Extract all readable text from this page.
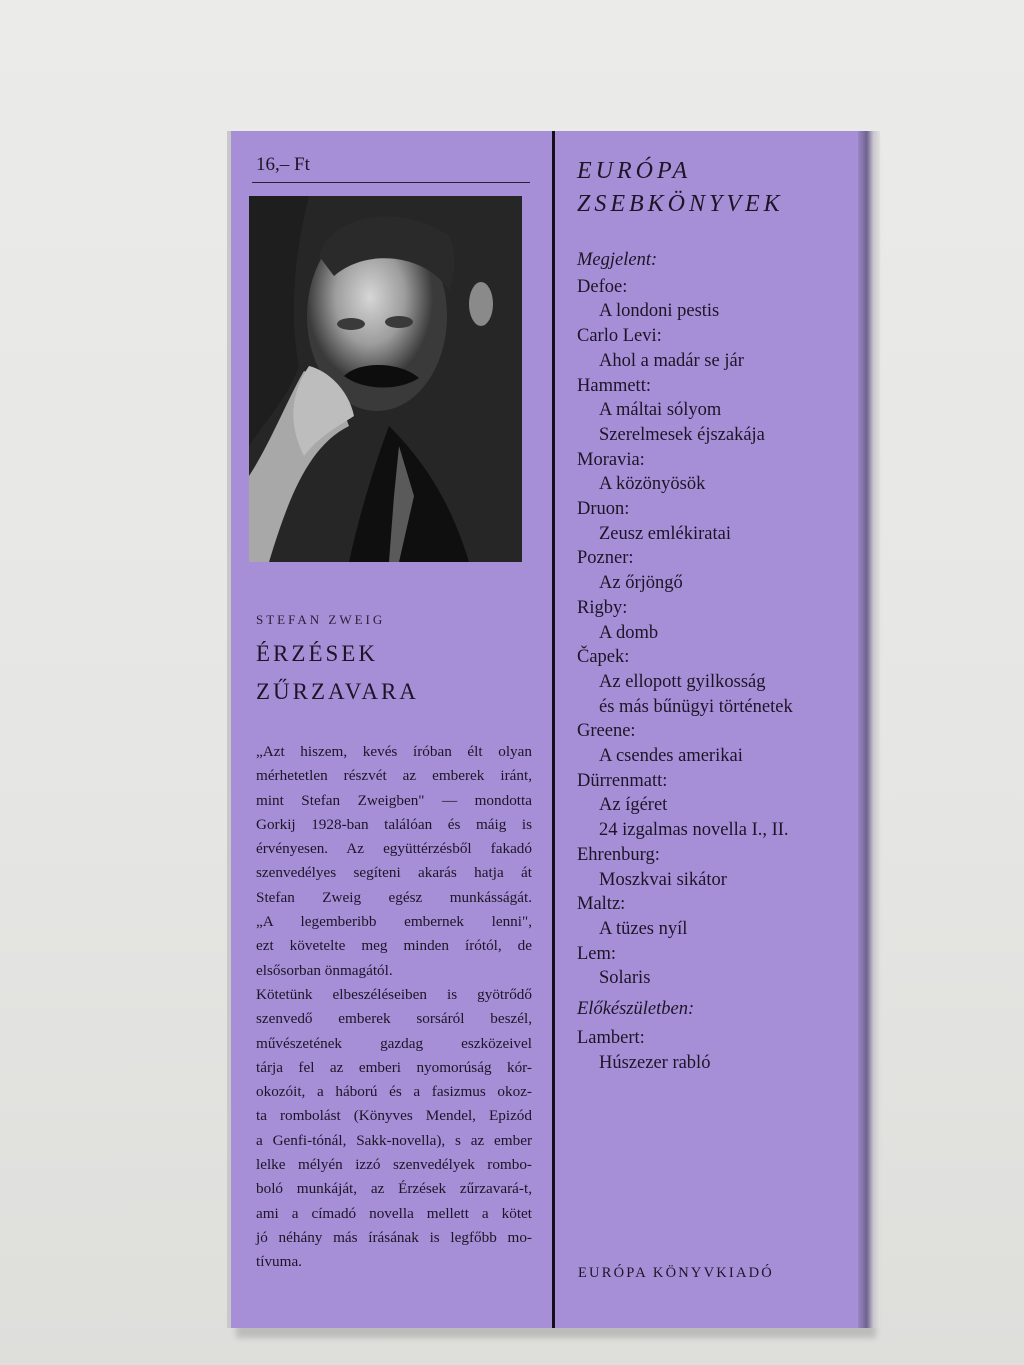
16,– Ft
STEFAN ZWEIG
ÉRZÉSEK
ZŰRZAVARA
„Azt hiszem, kevés íróban élt olyan
mérhetetlen részvét az emberek iránt,
mint Stefan Zweigben" — mondotta
Gorkij 1928-ban találóan és máig is
érvényesen. Az együttérzésből fakadó
szenvedélyes segíteni akarás hatja át
Stefan Zweig egész munkásságát.
„A legemberibb embernek lenni",
ezt követelte meg minden írótól, de
elsősorban önmagától.
Kötetünk elbeszéléseiben is gyötrődő
szenvedő emberek sorsáról beszél,
művészetének gazdag eszközeivel
tárja fel az emberi nyomorúság kór-
okozóit, a háború és a fasizmus okoz-
ta rombolást (Könyves Mendel, Epizód
a Genfi-tónál, Sakk-novella), s az ember
lelke mélyén izzó szenvedélyek rombo-
boló munkáját, az Érzések zűrzavará-t,
ami a címadó novella mellett a kötet
jó néhány más írásának is legfőbb mo-
tívuma.
EURÓPA
ZSEBKÖNYVEK
Megjelent:
Defoe:
A londoni pestis
Carlo Levi:
Ahol a madár se jár
Hammett:
A máltai sólyom
Szerelmesek éjszakája
Moravia:
A közönyösök
Druon:
Zeusz emlékiratai
Pozner:
Az őrjöngő
Rigby:
A domb
Čapek:
Az ellopott gyilkosság
és más bűnügyi történetek
Greene:
A csendes amerikai
Dürrenmatt:
Az ígéret
24 izgalmas novella I., II.
Ehrenburg:
Moszkvai sikátor
Maltz:
A tüzes nyíl
Lem:
Solaris
Előkészületben:
Lambert:
Húszezer rabló
EURÓPA KÖNYVKIADÓ
